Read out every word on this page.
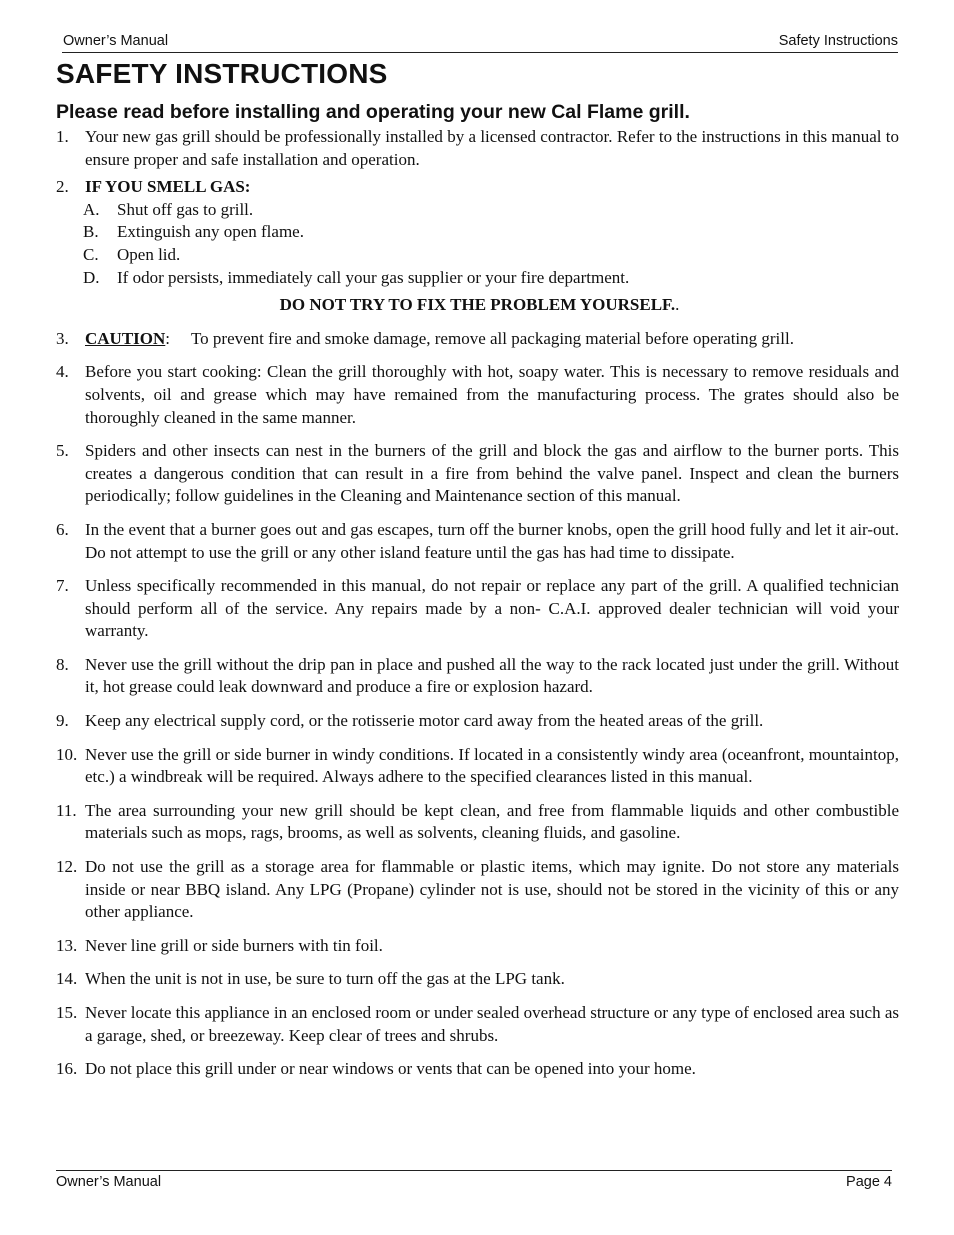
Owner’s Manual	Safety Instructions
SAFETY INSTRUCTIONS
Please read before installing and operating your new Cal Flame grill.
1. Your new gas grill should be professionally installed by a licensed contractor. Refer to the instructions in this manual to ensure proper and safe installation and operation.
2. IF YOU SMELL GAS:
A. Shut off gas to grill.
B. Extinguish any open flame.
C. Open lid.
D. If odor persists, immediately call your gas supplier or your fire department.
DO NOT TRY TO FIX THE PROBLEM YOURSELF..
3. CAUTION:     To prevent fire and smoke damage, remove all packaging material before operating grill.
4. Before you start cooking: Clean the grill thoroughly with hot, soapy water. This is necessary to remove residuals and solvents, oil and grease which may have remained from the manufacturing process. The grates should also be thoroughly cleaned in the same manner.
5. Spiders and other insects can nest in the burners of the grill and block the gas and airflow to the burner ports. This creates a dangerous condition that can result in a fire from behind the valve panel. Inspect and clean the burners periodically; follow guidelines in the Cleaning and Maintenance section of this manual.
6. In the event that a burner goes out and gas escapes, turn off the burner knobs, open the grill hood fully and let it air-out. Do not attempt to use the grill or any other island feature until the gas has had time to dissipate.
7. Unless specifically recommended in this manual, do not repair or replace any part of the grill. A qualified technician should perform all of the service. Any repairs made by a non- C.A.I. approved dealer technician will void your warranty.
8. Never use the grill without the drip pan in place and pushed all the way to the rack located just under the grill. Without it, hot grease could leak downward and produce a fire or explosion hazard.
9. Keep any electrical supply cord, or the rotisserie motor card away from the heated areas of the grill.
10. Never use the grill or side burner in windy conditions. If located in a consistently windy area (oceanfront, mountaintop, etc.) a windbreak will be required. Always adhere to the specified clearances listed in this manual.
11. The area surrounding your new grill should be kept clean, and free from flammable liquids and other combustible materials such as mops, rags, brooms, as well as solvents, cleaning fluids, and gasoline.
12. Do not use the grill as a storage area for flammable or plastic items, which may ignite. Do not store any materials inside or near BBQ island. Any LPG (Propane) cylinder not is use, should not be stored in the vicinity of this or any other appliance.
13. Never line grill or side burners with tin foil.
14. When the unit is not in use, be sure to turn off the gas at the LPG tank.
15. Never locate this appliance in an enclosed room or under sealed overhead structure or any type of enclosed area such as a garage, shed, or breezeway. Keep clear of trees and shrubs.
16. Do not place this grill under or near windows or vents that can be opened into your home.
Owner’s Manual	Page 4
